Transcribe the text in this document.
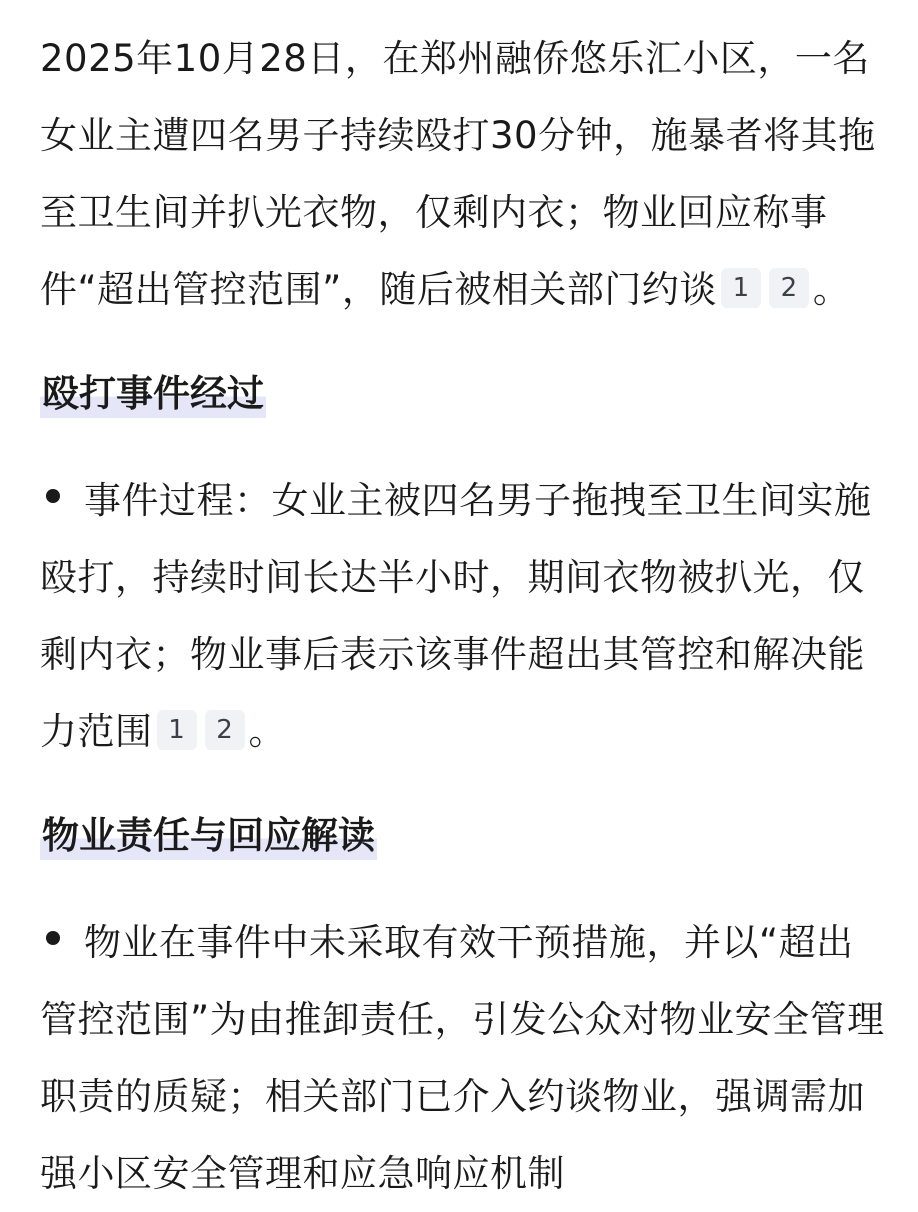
2025年10月28日，在郑州融侨悠乐汇小区，一名女业主遭四名男子持续殴打30分钟，施暴者将其拖至卫生间并扒光衣物，仅剩内衣；物业回应称事件“超出管控范围”，随后被相关部门约谈 1 2 。

殴打事件经过

事件过程：女业主被四名男子拖拽至卫生间实施殴打，持续时间长达半小时，期间衣物被扒光，仅剩内衣；物业事后表示该事件超出其管控和解决能力范围 1 2 。

物业责任与回应解读

物业在事件中未采取有效干预措施，并以“超出管控范围”为由推卸责任，引发公众对物业安全管理职责的质疑；相关部门已介入约谈物业，强调需加强小区安全管理和应急响应机制
